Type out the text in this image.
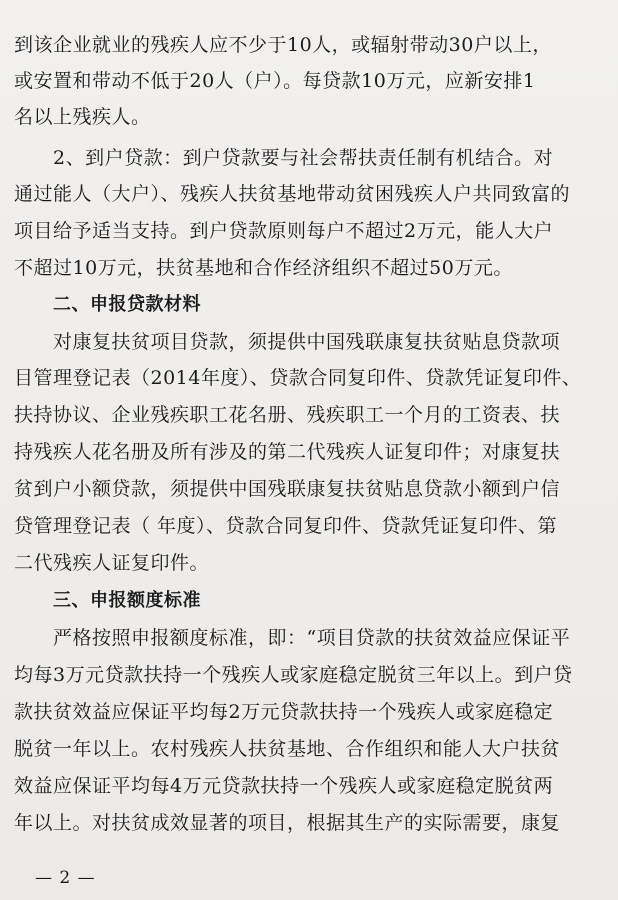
到该企业就业的残疾人应不少于10人，或辐射带动30户以上，
或安置和带动不低于20人（户）。每贷款10万元，应新安排1
名以上残疾人。
2、到户贷款：到户贷款要与社会帮扶责任制有机结合。对
通过能人（大户）、残疾人扶贫基地带动贫困残疾人户共同致富的
项目给予适当支持。到户贷款原则每户不超过2万元，能人大户
不超过10万元，扶贫基地和合作经济组织不超过50万元。
二、申报贷款材料
对康复扶贫项目贷款，须提供中国残联康复扶贫贴息贷款项
目管理登记表（2014年度）、贷款合同复印件、贷款凭证复印件、
扶持协议、企业残疾职工花名册、残疾职工一个月的工资表、扶
持残疾人花名册及所有涉及的第二代残疾人证复印件；对康复扶
贫到户小额贷款，须提供中国残联康复扶贫贴息贷款小额到户信
贷管理登记表（ 年度）、贷款合同复印件、贷款凭证复印件、第
二代残疾人证复印件。
三、申报额度标准
严格按照申报额度标准，即：“项目贷款的扶贫效益应保证平
均每3万元贷款扶持一个残疾人或家庭稳定脱贫三年以上。到户贷
款扶贫效益应保证平均每2万元贷款扶持一个残疾人或家庭稳定
脱贫一年以上。农村残疾人扶贫基地、合作组织和能人大户扶贫
效益应保证平均每4万元贷款扶持一个残疾人或家庭稳定脱贫两
年以上。对扶贫成效显著的项目，根据其生产的实际需要，康复
— 2 —
